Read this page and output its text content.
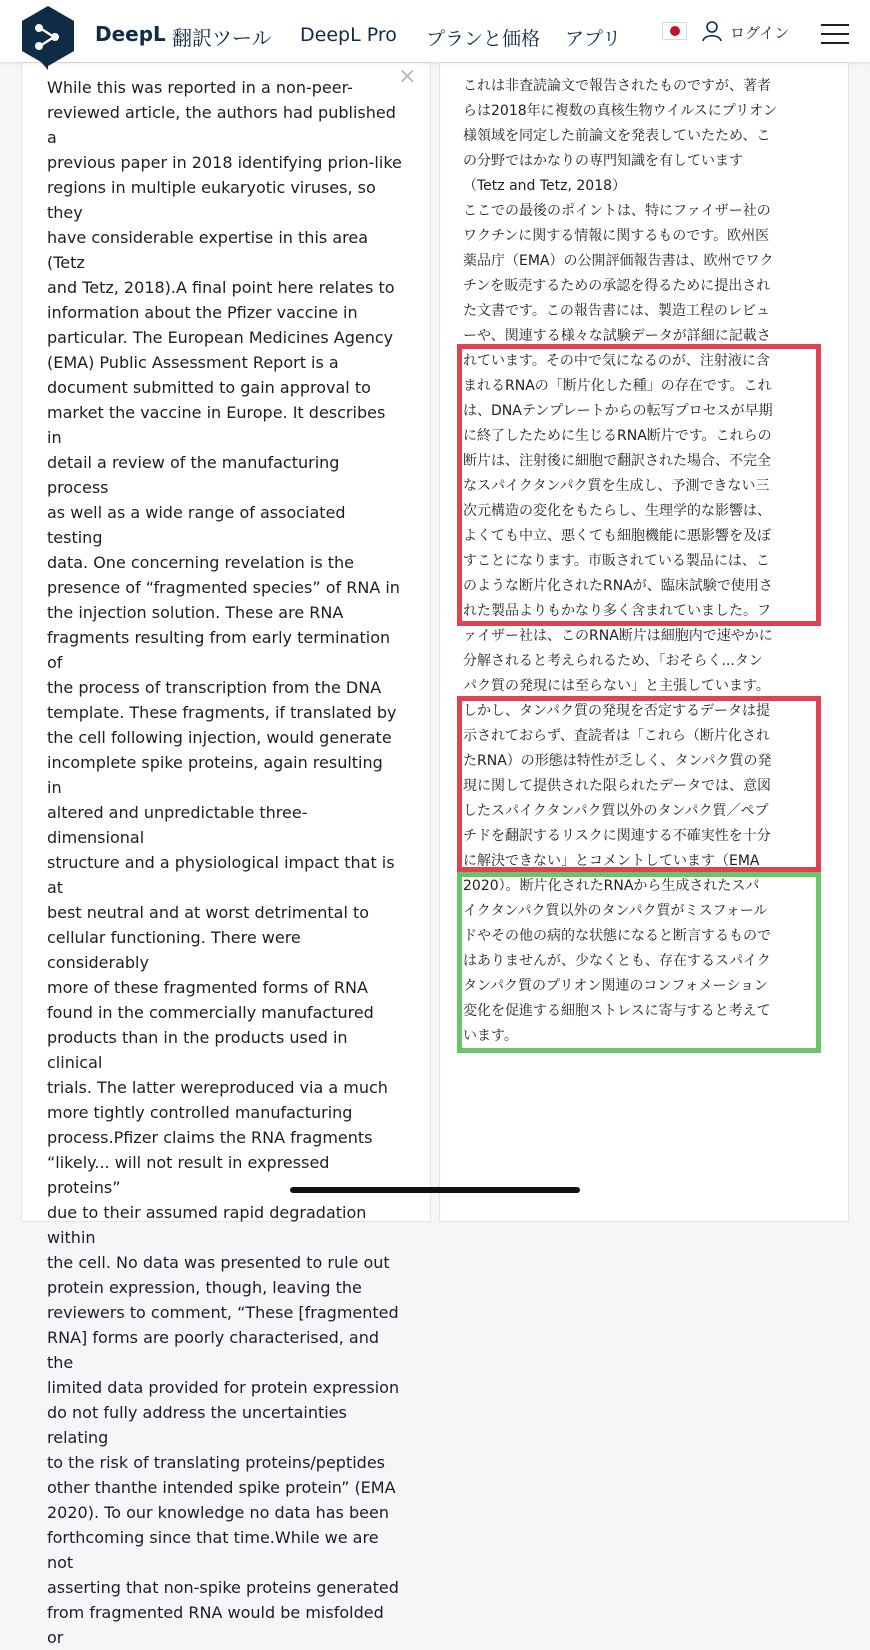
DeepL 翻訳ツール DeepL Pro プランと価格 アプリ	ログイン
×
While this was reported in a non-peer-
reviewed article, the authors had published a
previous paper in 2018 identifying prion-like
regions in multiple eukaryotic viruses, so they
have considerable expertise in this area (Tetz
and Tetz, 2018).A final point here relates to
information about the Pfizer vaccine in
particular. The European Medicines Agency
(EMA) Public Assessment Report is a
document submitted to gain approval to
market the vaccine in Europe. It describes in
detail a review of the manufacturing process
as well as a wide range of associated testing
data. One concerning revelation is the
presence of “fragmented species” of RNA in
the injection solution. These are RNA
fragments resulting from early termination of
the process of transcription from the DNA
template. These fragments, if translated by
the cell following injection, would generate
incomplete spike proteins, again resulting in
altered and unpredictable three-dimensional
structure and a physiological impact that is at
best neutral and at worst detrimental to
cellular functioning. There were considerably
more of these fragmented forms of RNA
found in the commercially manufactured
products than in the products used in clinical
trials. The latter wereproduced via a much
more tightly controlled manufacturing
process.Pfizer claims the RNA fragments
“likely... will not result in expressed proteins”
due to their assumed rapid degradation within
the cell. No data was presented to rule out
protein expression, though, leaving the
reviewers to comment, “These [fragmented
RNA] forms are poorly characterised, and the
limited data provided for protein expression
do not fully address the uncertainties relating
to the risk of translating proteins/peptides
other thanthe intended spike protein” (EMA
2020). To our knowledge no data has been
forthcoming since that time.While we are not
asserting that non-spike proteins generated
from fragmented RNA would be misfolded or
これは非査読論文で報告されたものですが、著者
らは2018年に複数の真核生物ウイルスにプリオン
様領域を同定した前論文を発表していたため、こ
の分野ではかなりの専門知識を有しています
（Tetz and Tetz, 2018）
ここでの最後のポイントは、特にファイザー社の
ワクチンに関する情報に関するものです。欧州医
薬品庁（EMA）の公開評価報告書は、欧州でワク
チンを販売するための承認を得るために提出され
た文書です。この報告書には、製造工程のレビュ
ーや、関連する様々な試験データが詳細に記載さ
れています。その中で気になるのが、注射液に含
まれるRNAの「断片化した種」の存在です。これ
は、DNAテンプレートからの転写プロセスが早期
に終了したために生じるRNA断片です。これらの
断片は、注射後に細胞で翻訳された場合、不完全
なスパイクタンパク質を生成し、予測できない三
次元構造の変化をもたらし、生理学的な影響は、
よくても中立、悪くても細胞機能に悪影響を及ぼ
すことになります。市販されている製品には、こ
のような断片化されたRNAが、臨床試験で使用さ
れた製品よりもかなり多く含まれていました。フ
ァイザー社は、このRNA断片は細胞内で速やかに
分解されると考えられるため、「おそらく...タン
パク質の発現には至らない」と主張しています。
しかし、タンパク質の発現を否定するデータは提
示されておらず、査読者は「これら（断片化され
たRNA）の形態は特性が乏しく、タンパク質の発
現に関して提供された限られたデータでは、意図
したスパイクタンパク質以外のタンパク質／ペプ
チドを翻訳するリスクに関連する不確実性を十分
に解決できない」とコメントしています（EMA
2020）。断片化されたRNAから生成されたスパ
イクタンパク質以外のタンパク質がミスフォール
ドやその他の病的な状態になると断言するもので
はありませんが、少なくとも、存在するスパイク
タンパク質のプリオン関連のコンフォメーション
変化を促進する細胞ストレスに寄与すると考えて
います。
